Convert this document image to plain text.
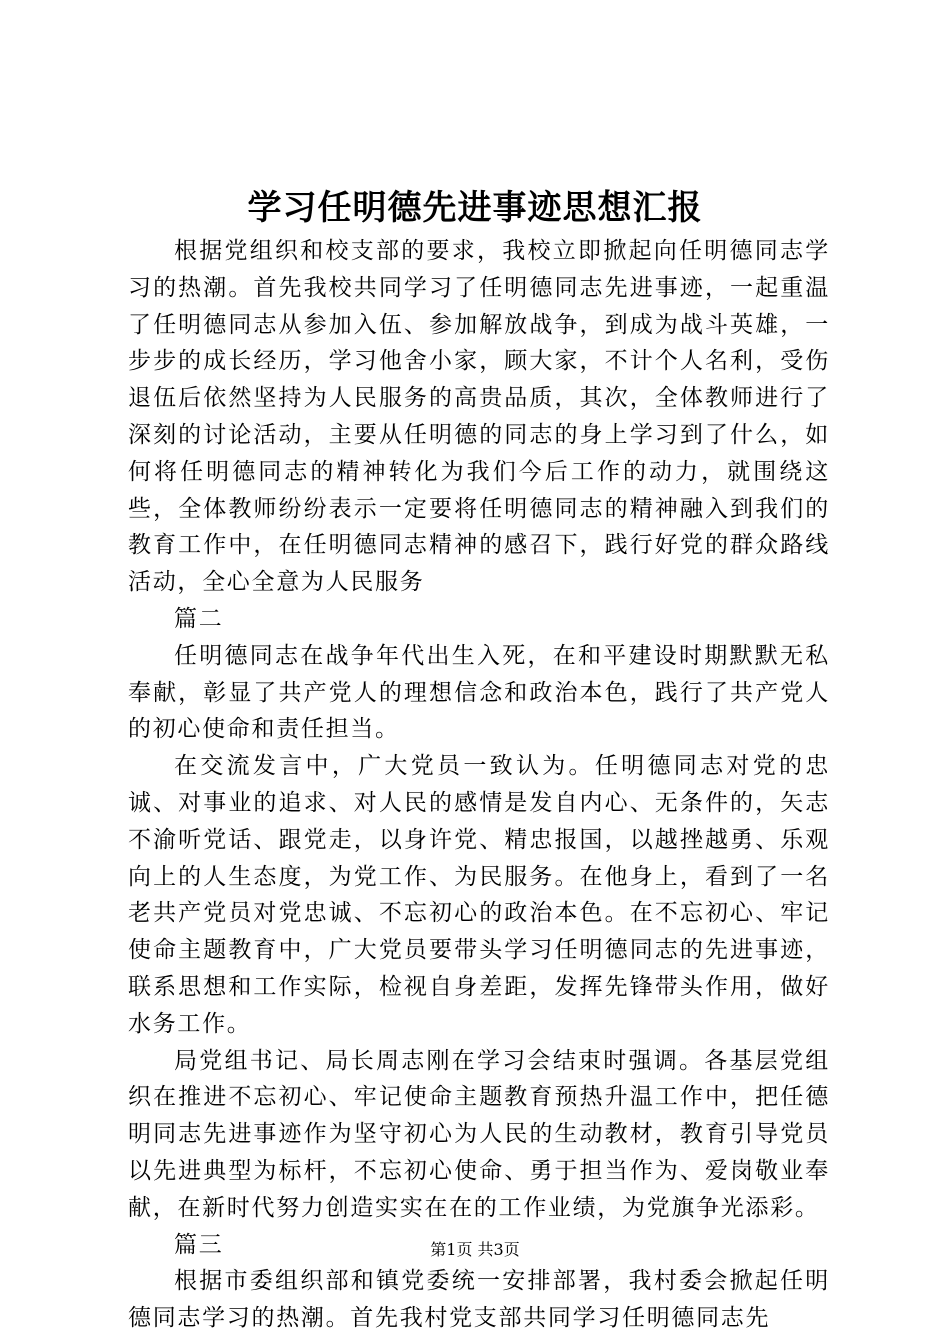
学习任明德先进事迹思想汇报

根据党组织和校支部的要求，我校立即掀起向任明德同志学习的热潮。首先我校共同学习了任明德同志先进事迹，一起重温了任明德同志从参加入伍、参加解放战争，到成为战斗英雄，一步步的成长经历，学习他舍小家，顾大家，不计个人名利，受伤退伍后依然坚持为人民服务的高贵品质，其次，全体教师进行了深刻的讨论活动，主要从任明德的同志的身上学习到了什么，如何将任明德同志的精神转化为我们今后工作的动力，就围绕这些，全体教师纷纷表示一定要将任明德同志的精神融入到我们的教育工作中，在任明德同志精神的感召下，践行好党的群众路线活动，全心全意为人民服务

篇二

任明德同志在战争年代出生入死，在和平建设时期默默无私奉献，彰显了共产党人的理想信念和政治本色，践行了共产党人的初心使命和责任担当。

在交流发言中，广大党员一致认为。任明德同志对党的忠诚、对事业的追求、对人民的感情是发自内心、无条件的，矢志不渝听党话、跟党走，以身许党、精忠报国，以越挫越勇、乐观向上的人生态度，为党工作、为民服务。在他身上，看到了一名老共产党员对党忠诚、不忘初心的政治本色。在不忘初心、牢记使命主题教育中，广大党员要带头学习任明德同志的先进事迹，联系思想和工作实际，检视自身差距，发挥先锋带头作用，做好水务工作。

局党组书记、局长周志刚在学习会结束时强调。各基层党组织在推进不忘初心、牢记使命主题教育预热升温工作中，把任德明同志先进事迹作为坚守初心为人民的生动教材，教育引导党员以先进典型为标杆，不忘初心使命、勇于担当作为、爱岗敬业奉献，在新时代努力创造实实在在的工作业绩，为党旗争光添彩。

篇三

根据市委组织部和镇党委统一安排部署，我村委会掀起任明德同志学习的热潮。首先我村党支部共同学习任明德同志先

第1页 共3页
